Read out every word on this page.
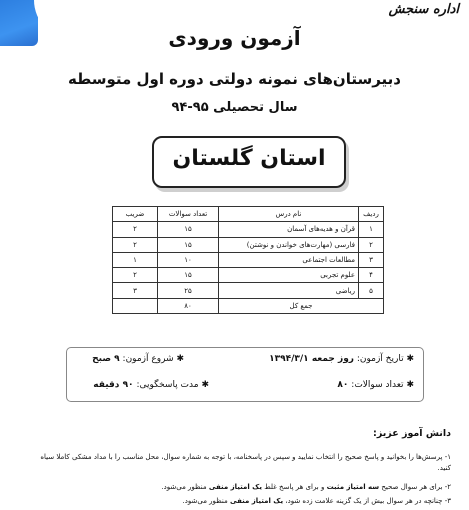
اداره سنجش
آزمون ورودی
دبیرستان‌های نمونه دولتی دوره اول متوسطه
سال تحصیلی ۹۵-۹۴
استان گلستان
ردیف	نام درس	تعداد سوالات	ضریب
۱	قرآن و هدیه‌های آسمان	۱۵	۲
۲	فارسی (مهارت‌های خواندن و نوشتن)	۱۵	۲
۳	مطالعات اجتماعی	۱۰	۱
۴	علوم تجربی	۱۵	۲
۵	ریاضی	۲۵	۳
جمع کل		۸۰	
✱ تاریخ آزمون: روز جمعه ۱۳۹۴/۳/۱
✱ شروع آزمون: ۹ صبح
✱ تعداد سوالات: ۸۰
✱ مدت پاسخگویی: ۹۰ دقیقه
دانش آموز عزیز:
۱- پرسش‌ها را بخوانید و پاسخ صحیح را انتخاب نمایید و سپس در پاسخنامه، با توجه به شماره سوال، محل مناسب را با مداد مشکی کاملا سیاه کنید.
۲- برای هر سوال صحیح سه امتیاز مثبت و برای هر پاسخ غلط یک امتیاز منفی منظور می‌شود.
۳- چنانچه در هر سوال بیش از یک گزینه علامت زده شود، یک امتیاز منفی منظور می‌شود.
